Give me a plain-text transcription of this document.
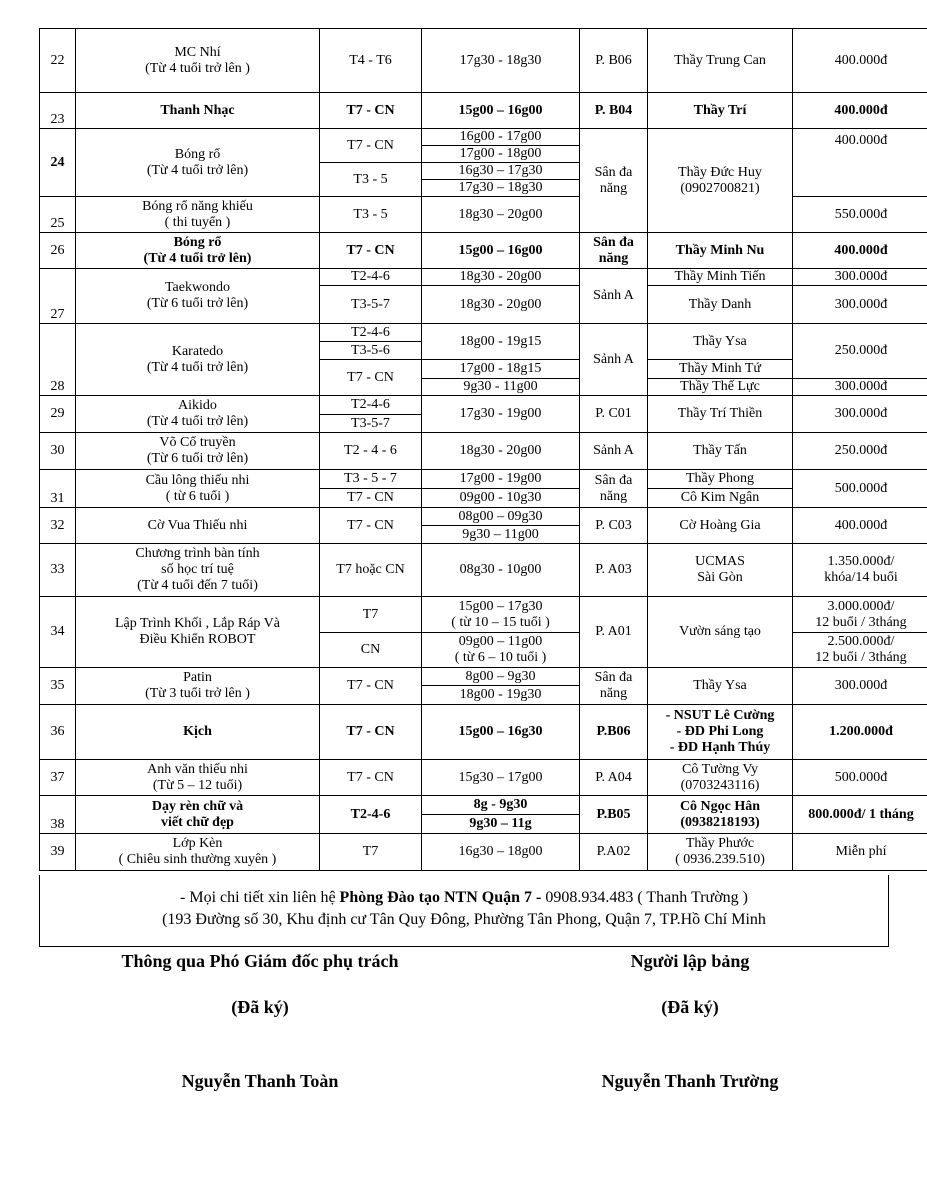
22	MC Nhí
(Từ 4 tuổi trở lên )	T4 - T6	17g30 - 18g30	P. B06	Thầy Trung Can	400.000đ
23	Thanh Nhạc	T7 - CN	15g00 – 16g00	P. B04	Thầy Trí	400.000đ
24	Bóng rổ
(Từ 4 tuổi trở lên)	T7 - CN	16g00 - 17g00	Sân đa
năng	Thầy Đức Huy
(0902700821)	400.000đ
			17g00 - 18g00			
		T3 - 5	16g30 – 17g30			
			17g30 – 18g30			
25	Bóng rổ năng khiếu
( thi tuyển )	T3 - 5	18g30 – 20g00			550.000đ
26	Bóng rổ
(Từ 4 tuổi trở lên)	T7 - CN	15g00 – 16g00	Sân đa
năng	Thầy Minh Nu	400.000đ
27	Taekwondo
(Từ 6 tuổi trở lên)	T2-4-6	18g30 - 20g00	Sảnh A	Thầy Minh Tiến	300.000đ
		T3-5-7	18g30 - 20g00		Thầy Danh	300.000đ
28	Karatedo
(Từ 4 tuổi trở lên)	T2-4-6	18g00 - 19g15	Sảnh A	Thầy Ysa	250.000đ
		T3-5-6				
		T7 - CN	17g00 - 18g15		Thầy Minh Tứ	
			9g30 - 11g00		Thầy Thế Lực	300.000đ
29	Aikido
(Từ 4 tuổi trở lên)	T2-4-6	17g30 - 19g00	P. C01	Thầy Trí Thiền	300.000đ
		T3-5-7				
30	Võ Cổ truyền
(Từ 6 tuổi trở lên)	T2 - 4 - 6	18g30 - 20g00	Sảnh A	Thầy Tấn	250.000đ
31	Cầu lông thiếu nhi
( từ 6 tuổi )	T3 - 5 - 7	17g00 - 19g00	Sân đa
năng	Thầy Phong	500.000đ
		T7 - CN	09g00 - 10g30		Cô Kim Ngân	
32	Cờ Vua Thiếu nhi	T7 - CN	08g00 – 09g30	P. C03	Cờ Hoàng Gia	400.000đ
			9g30 – 11g00			
33	Chương trình bàn tính
số học trí tuệ
(Từ 4 tuổi đến 7 tuổi)	T7 hoặc CN	08g30 - 10g00	P. A03	UCMAS
Sài Gòn	1.350.000đ/
khóa/14 buổi
34	Lập Trình Khối , Lắp Ráp Và
Điều Khiển ROBOT	T7	15g00 – 17g30
( từ 10 – 15 tuổi )	P. A01	Vườn sáng tạo	3.000.000đ/
12 buổi / 3tháng
		CN	09g00 – 11g00
( từ 6 – 10 tuổi )			2.500.000đ/
12 buổi / 3tháng
35	Patin
(Từ 3 tuổi trở lên )	T7 - CN	8g00 – 9g30	Sân đa
năng	Thầy Ysa	300.000đ
			18g00 - 19g30			
36	Kịch	T7 - CN	15g00 – 16g30	P.B06	- NSUT Lê Cường
- ĐD Phi Long
- ĐD Hạnh Thúy	1.200.000đ
37	Anh văn thiếu nhi
(Từ 5 – 12 tuổi)	T7 - CN	15g30 – 17g00	P. A04	Cô Tường Vy
(0703243116)	500.000đ
38	Dạy rèn chữ và
viết chữ đẹp	T2-4-6	8g - 9g30	P.B05	Cô Ngọc Hân
(0938218193)	800.000đ/ 1 tháng
			9g30 – 11g			
39	Lớp Kèn
( Chiêu sinh thường xuyên )	T7	16g30 – 18g00	P.A02	Thầy Phước
( 0936.239.510)	Miễn phí
- Mọi chi tiết xin liên hệ Phòng Đào tạo NTN Quận 7 - 0908.934.483 ( Thanh Trường )
(193 Đường số 30, Khu định cư Tân Quy Đông, Phường Tân Phong, Quận 7, TP.Hồ Chí Minh
Thông qua Phó Giám đốc phụ trách
(Đã ký)
Nguyễn Thanh Toàn
Người lập bảng
(Đã ký)
Nguyễn Thanh Trường
